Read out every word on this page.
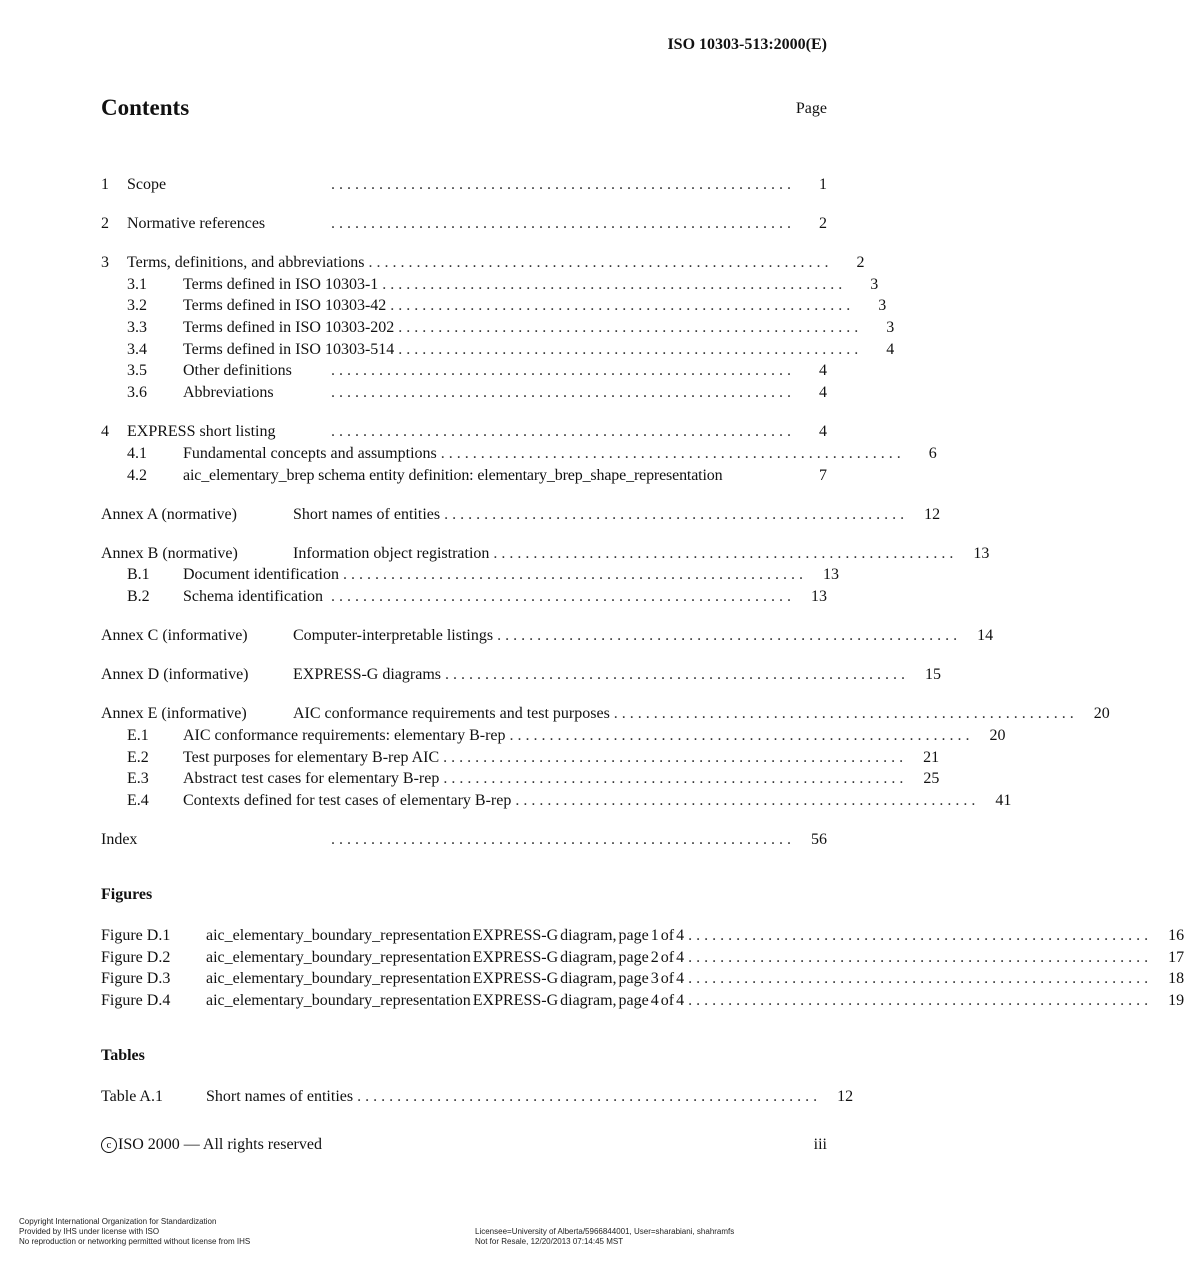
ISO 10303-513:2000(E)
Contents	Page
1	Scope	. . . . . . . . . . . . . . . . . . . . . . . . . . . . . . . . . . . . . . . . . . . . . . . . . . . . . . . . . .	1
2	Normative references	. . . . . . . . . . . . . . . . . . . . . . . . . . . . . . . . . . . . . . . . . . . . . . . . . . . . . . . . . .	2
3	Terms, definitions, and abbreviations . . . . . . . . . . . . . . . . . . . . . . . . . . . . . . . . . . . . . . . . . . . . . . . . . . . . . . . . . .	2
3.1	Terms defined in ISO 10303-1 . . . . . . . . . . . . . . . . . . . . . . . . . . . . . . . . . . . . . . . . . . . . . . . . . . . . . . . . . .	3
3.2	Terms defined in ISO 10303-42 . . . . . . . . . . . . . . . . . . . . . . . . . . . . . . . . . . . . . . . . . . . . . . . . . . . . . . . . . .	3
3.3	Terms defined in ISO 10303-202 . . . . . . . . . . . . . . . . . . . . . . . . . . . . . . . . . . . . . . . . . . . . . . . . . . . . . . . . . .	3
3.4	Terms defined in ISO 10303-514 . . . . . . . . . . . . . . . . . . . . . . . . . . . . . . . . . . . . . . . . . . . . . . . . . . . . . . . . . .	4
3.5	Other definitions	. . . . . . . . . . . . . . . . . . . . . . . . . . . . . . . . . . . . . . . . . . . . . . . . . . . . . . . . . .	4
3.6	Abbreviations	. . . . . . . . . . . . . . . . . . . . . . . . . . . . . . . . . . . . . . . . . . . . . . . . . . . . . . . . . .	4
4	EXPRESS short listing	. . . . . . . . . . . . . . . . . . . . . . . . . . . . . . . . . . . . . . . . . . . . . . . . . . . . . . . . . .	4
4.1	Fundamental concepts and assumptions . . . . . . . . . . . . . . . . . . . . . . . . . . . . . . . . . . . . . . . . . . . . . . . . . . . . . . . . . .	6
4.2	aic_elementary_brep schema entity definition: elementary_brep_shape_representation	7
Annex A (normative)	Short names of entities . . . . . . . . . . . . . . . . . . . . . . . . . . . . . . . . . . . . . . . . . . . . . . . . . . . . . . . . . .	12
Annex B (normative)	Information object registration . . . . . . . . . . . . . . . . . . . . . . . . . . . . . . . . . . . . . . . . . . . . . . . . . . . . . . . . . .	13
B.1	Document identification . . . . . . . . . . . . . . . . . . . . . . . . . . . . . . . . . . . . . . . . . . . . . . . . . . . . . . . . . .	13
B.2	Schema identification . . . . . . . . . . . . . . . . . . . . . . . . . . . . . . . . . . . . . . . . . . . . . . . . . . . . . . . . . .	13
Annex C (informative)	Computer-interpretable listings . . . . . . . . . . . . . . . . . . . . . . . . . . . . . . . . . . . . . . . . . . . . . . . . . . . . . . . . . .	14
Annex D (informative)	EXPRESS-G diagrams . . . . . . . . . . . . . . . . . . . . . . . . . . . . . . . . . . . . . . . . . . . . . . . . . . . . . . . . . .	15
Annex E (informative)	AIC conformance requirements and test purposes . . . . . . . . . . . . . . . . . . . . . . . . . . . . . . . . . . . . . . . . . . . . . . . . . . . . . . . . . .	20
E.1	AIC conformance requirements: elementary B-rep . . . . . . . . . . . . . . . . . . . . . . . . . . . . . . . . . . . . . . . . . . . . . . . . . . . . . . . . . .	20
E.2	Test purposes for elementary B-rep AIC . . . . . . . . . . . . . . . . . . . . . . . . . . . . . . . . . . . . . . . . . . . . . . . . . . . . . . . . . .	21
E.3	Abstract test cases for elementary B-rep . . . . . . . . . . . . . . . . . . . . . . . . . . . . . . . . . . . . . . . . . . . . . . . . . . . . . . . . . .	25
E.4	Contexts defined for test cases of elementary B-rep . . . . . . . . . . . . . . . . . . . . . . . . . . . . . . . . . . . . . . . . . . . . . . . . . . . . . . . . . .	41
Index	. . . . . . . . . . . . . . . . . . . . . . . . . . . . . . . . . . . . . . . . . . . . . . . . . . . . . . . . . .	56
Figures
Figure D.1	aic_elementary_boundary_representation EXPRESS-G diagram, page 1 of 4 . . . . . . . . . . . . . . . . . . . . . . . . . . . . . . . . . . . . . . . . . . . . . . . . . . . . . . . . . .	16
Figure D.2	aic_elementary_boundary_representation EXPRESS-G diagram, page 2 of 4 . . . . . . . . . . . . . . . . . . . . . . . . . . . . . . . . . . . . . . . . . . . . . . . . . . . . . . . . . .	17
Figure D.3	aic_elementary_boundary_representation EXPRESS-G diagram, page 3 of 4 . . . . . . . . . . . . . . . . . . . . . . . . . . . . . . . . . . . . . . . . . . . . . . . . . . . . . . . . . .	18
Figure D.4	aic_elementary_boundary_representation EXPRESS-G diagram, page 4 of 4 . . . . . . . . . . . . . . . . . . . . . . . . . . . . . . . . . . . . . . . . . . . . . . . . . . . . . . . . . .	19
Tables
Table A.1	Short names of entities . . . . . . . . . . . . . . . . . . . . . . . . . . . . . . . . . . . . . . . . . . . . . . . . . . . . . . . . . .	12
c ISO 2000 — All rights reserved	iii
Copyright International Organization for Standardization
Provided by IHS under license with ISO
No reproduction or networking permitted without license from IHS
Licensee=University of Alberta/5966844001, User=sharabiani, shahramfs
Not for Resale, 12/20/2013 07:14:45 MST
